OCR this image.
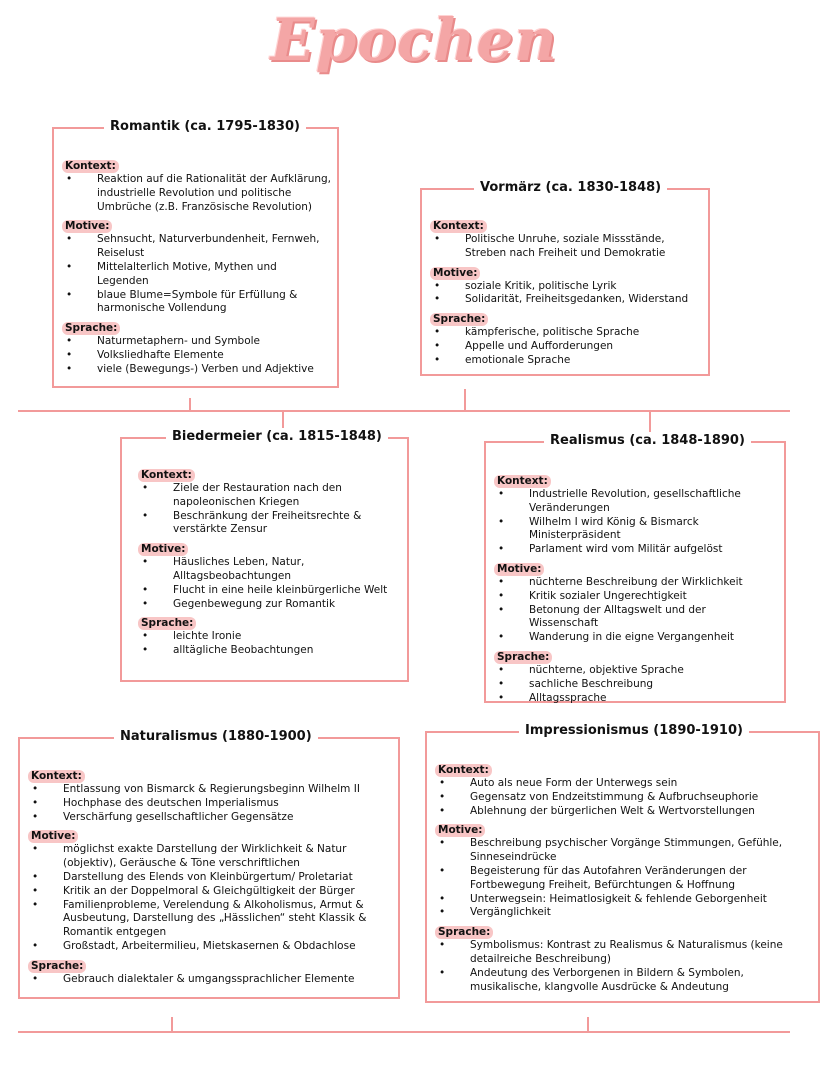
Epochen
Romantik (ca. 1795-1830)
Kontext:
• Reaktion auf die Rationalität der Aufklärung, industrielle Revolution und politische Umbrüche (z.B. Französische Revolution)
Motive:
• Sehnsucht, Naturverbundenheit, Fernweh, Reiselust
• Mittelalterlich Motive, Mythen und Legenden
• blaue Blume=Symbole für Erfüllung & harmonische Vollendung
Sprache:
• Naturmetaphern- und Symbole
• Volksliedhafte Elemente
• viele (Bewegungs-) Verben und Adjektive
Vormärz (ca. 1830-1848)
Kontext:
• Politische Unruhe, soziale Missstände, Streben nach Freiheit und Demokratie
Motive:
• soziale Kritik, politische Lyrik
• Solidarität, Freiheitsgedanken, Widerstand
Sprache:
• kämpferische, politische Sprache
• Appelle und Aufforderungen
• emotionale Sprache
Biedermeier (ca. 1815-1848)
Kontext:
• Ziele der Restauration nach den napoleonischen Kriegen
• Beschränkung der Freiheitsrechte & verstärkte Zensur
Motive:
• Häusliches Leben, Natur, Alltagsbeobachtungen
• Flucht in eine heile kleinbürgerliche Welt
• Gegenbewegung zur Romantik
Sprache:
• leichte Ironie
• alltägliche Beobachtungen
Realismus (ca. 1848-1890)
Kontext:
• Industrielle Revolution, gesellschaftliche Veränderungen
• Wilhelm I wird König & Bismarck Ministerpräsident
• Parlament wird vom Militär aufgelöst
Motive:
• nüchterne Beschreibung der Wirklichkeit
• Kritik sozialer Ungerechtigkeit
• Betonung der Alltagswelt und der Wissenschaft
• Wanderung in die eigne Vergangenheit
Sprache:
• nüchterne, objektive Sprache
• sachliche Beschreibung
• Alltagssprache
Naturalismus (1880-1900)
Kontext:
• Entlassung von Bismarck & Regierungsbeginn Wilhelm II
• Hochphase des deutschen Imperialismus
• Verschärfung gesellschaftlicher Gegensätze
Motive:
• möglichst exakte Darstellung der Wirklichkeit & Natur (objektiv), Geräusche & Töne verschriftlichen
• Darstellung des Elends von Kleinbürgertum/ Proletariat
• Kritik an der Doppelmoral & Gleichgültigkeit der Bürger
• Familienprobleme, Verelendung & Alkoholismus, Armut & Ausbeutung, Darstellung des „Hässlichen“ steht Klassik & Romantik entgegen
• Großstadt, Arbeitermilieu, Mietskasernen & Obdachlose
Sprache:
• Gebrauch dialektaler & umgangssprachlicher Elemente
Impressionismus (1890-1910)
Kontext:
• Auto als neue Form der Unterwegs sein
• Gegensatz von Endzeitstimmung & Aufbruchseuphorie
• Ablehnung der bürgerlichen Welt & Wertvorstellungen
Motive:
• Beschreibung psychischer Vorgänge Stimmungen, Gefühle, Sinneseindrücke
• Begeisterung für das Autofahren Veränderungen der Fortbewegung Freiheit, Befürchtungen & Hoffnung
• Unterwegsein: Heimatlosigkeit & fehlende Geborgenheit
• Vergänglichkeit
Sprache:
• Symbolismus: Kontrast zu Realismus & Naturalismus (keine detailreiche Beschreibung)
• Andeutung des Verborgenen in Bildern & Symbolen, musikalische, klangvolle Ausdrücke & Andeutung
